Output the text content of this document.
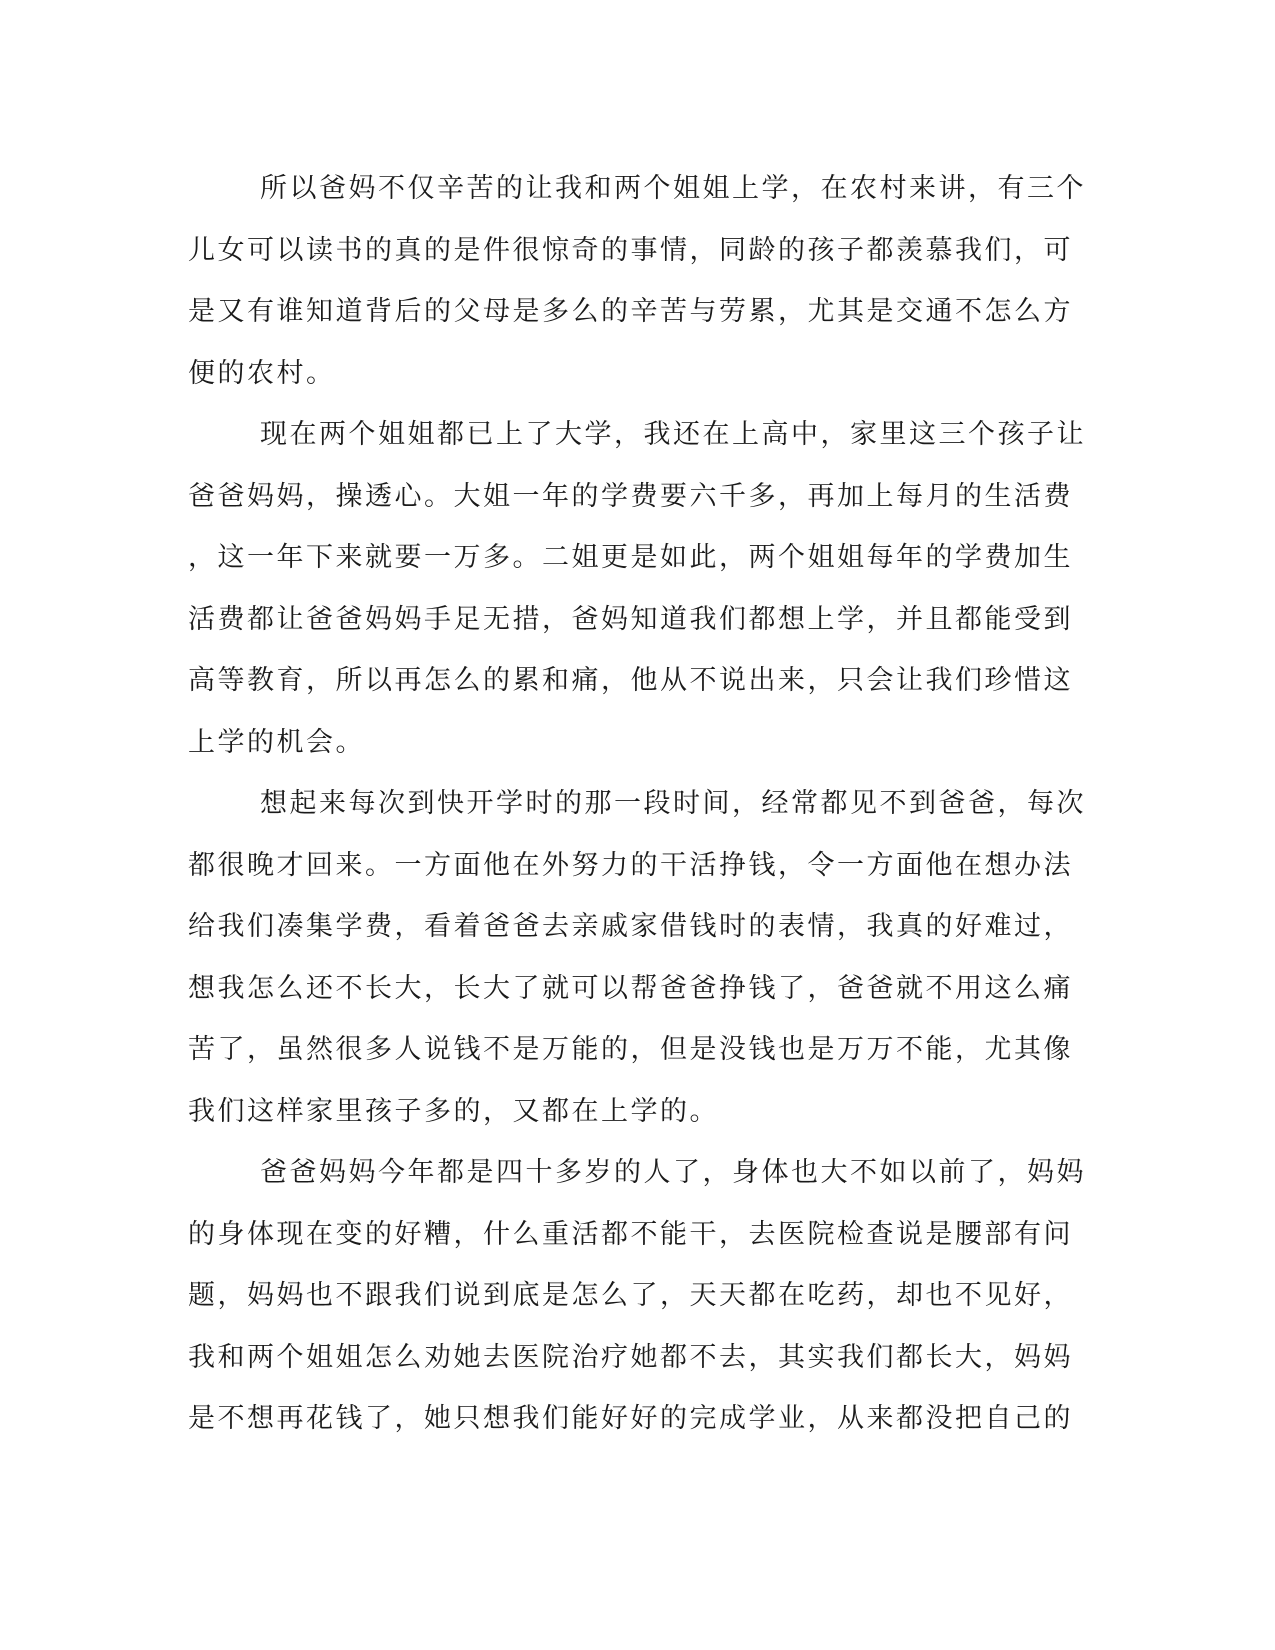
所以爸妈不仅辛苦的让我和两个姐姐上学，在农村来讲，有三个
儿女可以读书的真的是件很惊奇的事情，同龄的孩子都羡慕我们，可
是又有谁知道背后的父母是多么的辛苦与劳累，尤其是交通不怎么方
便的农村。
现在两个姐姐都已上了大学，我还在上高中，家里这三个孩子让
爸爸妈妈，操透心。大姐一年的学费要六千多，再加上每月的生活费
，这一年下来就要一万多。二姐更是如此，两个姐姐每年的学费加生
活费都让爸爸妈妈手足无措，爸妈知道我们都想上学，并且都能受到
高等教育，所以再怎么的累和痛，他从不说出来，只会让我们珍惜这
上学的机会。
想起来每次到快开学时的那一段时间，经常都见不到爸爸，每次
都很晚才回来。一方面他在外努力的干活挣钱，令一方面他在想办法
给我们凑集学费，看着爸爸去亲戚家借钱时的表情，我真的好难过，
想我怎么还不长大，长大了就可以帮爸爸挣钱了，爸爸就不用这么痛
苦了，虽然很多人说钱不是万能的，但是没钱也是万万不能，尤其像
我们这样家里孩子多的，又都在上学的。
爸爸妈妈今年都是四十多岁的人了，身体也大不如以前了，妈妈
的身体现在变的好糟，什么重活都不能干，去医院检查说是腰部有问
题，妈妈也不跟我们说到底是怎么了，天天都在吃药，却也不见好，
我和两个姐姐怎么劝她去医院治疗她都不去，其实我们都长大，妈妈
是不想再花钱了，她只想我们能好好的完成学业，从来都没把自己的
